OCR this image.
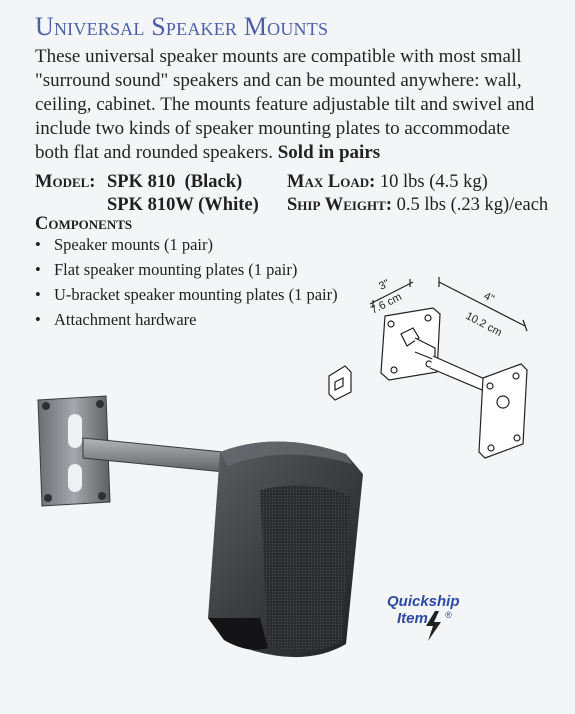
Universal Speaker Mounts
These universal speaker mounts are compatible with most small "surround sound" speakers and can be mounted anywhere: wall, ceiling, cabinet. The mounts feature adjustable tilt and swivel and include two kinds of speaker mounting plates to accommodate both flat and rounded speakers. Sold in pairs
Model: SPK 810  (Black) Max Load: 10 lbs (4.5 kg)
SPK 810W (White) Ship Weight: 0.5 lbs (.23 kg)/each
Components
• Speaker mounts (1 pair)
• Flat speaker mounting plates (1 pair)
• U-bracket speaker mounting plates (1 pair)
• Attachment hardware
3"
7.6 cm	4"
10.2 cm
Quickship
Item ®
